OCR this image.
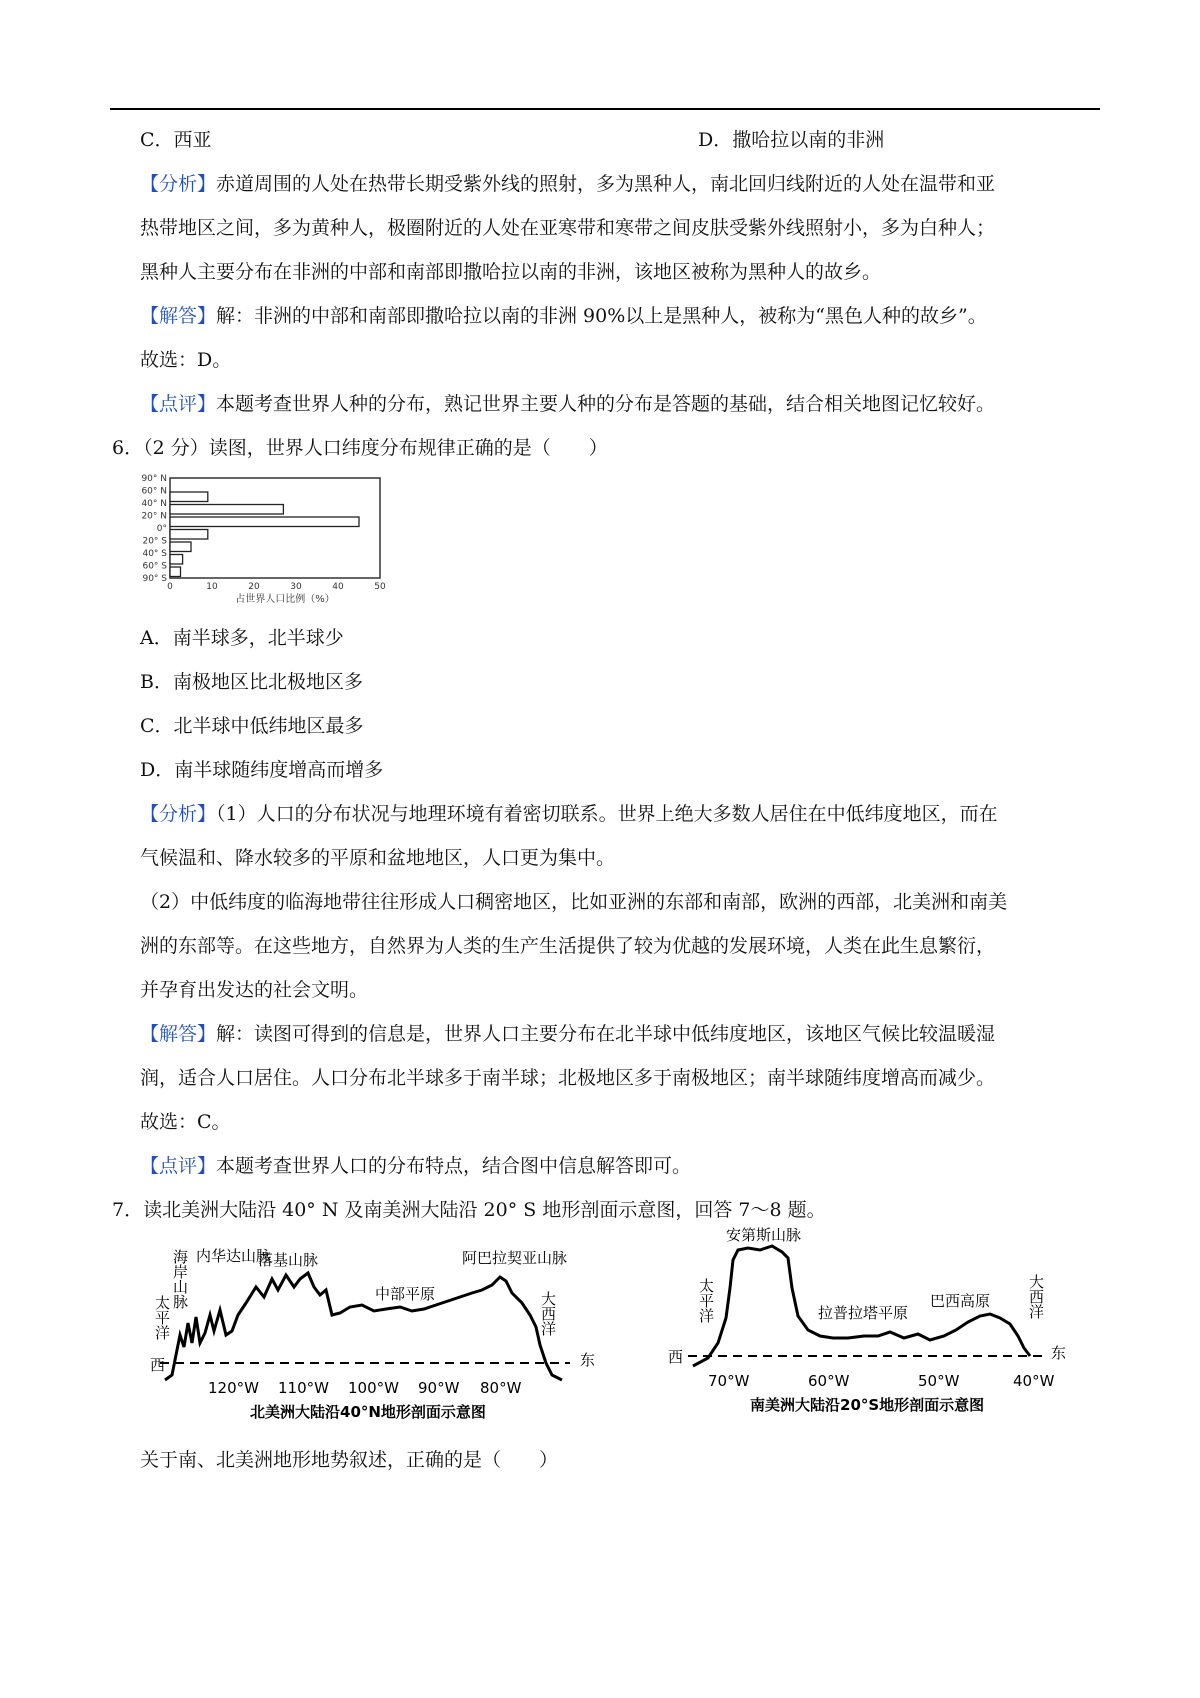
C．西亚	D．撒哈拉以南的非洲
【分析】赤道周围的人处在热带长期受紫外线的照射，多为黑种人，南北回归线附近的人处在温带和亚
热带地区之间，多为黄种人，极圈附近的人处在亚寒带和寒带之间皮肤受紫外线照射小，多为白种人；
黑种人主要分布在非洲的中部和南部即撒哈拉以南的非洲，该地区被称为黑种人的故乡。
【解答】解：非洲的中部和南部即撒哈拉以南的非洲 90%以上是黑种人，被称为“黑色人种的故乡”。
故选：D。
【点评】本题考查世界人种的分布，熟记世界主要人种的分布是答题的基础，结合相关地图记忆较好。
6．（2 分）读图，世界人口纬度分布规律正确的是（　　）
90° N
60° N
40° N
20° N
0°
20° S
40° S
60° S
90° S
0	10	20	30	40	50
占世界人口比例（%）
A．南半球多，北半球少
B．南极地区比北极地区多
C．北半球中低纬地区最多
D．南半球随纬度增高而增多
【分析】（1）人口的分布状况与地理环境有着密切联系。世界上绝大多数人居住在中低纬度地区，而在
气候温和、降水较多的平原和盆地地区，人口更为集中。
（2）中低纬度的临海地带往往形成人口稠密地区，比如亚洲的东部和南部，欧洲的西部，北美洲和南美
洲的东部等。在这些地方，自然界为人类的生产生活提供了较为优越的发展环境，人类在此生息繁衍，
并孕育出发达的社会文明。
【解答】解：读图可得到的信息是，世界人口主要分布在北半球中低纬度地区，该地区气候比较温暖湿
润，适合人口居住。人口分布北半球多于南半球；北极地区多于南极地区；南半球随纬度增高而减少。
故选：C。
【点评】本题考查世界人口的分布特点，结合图中信息解答即可。
7．读北美洲大陆沿 40° N 及南美洲大陆沿 20° S 地形剖面示意图，回答 7～8 题。
西	东
海岸山脉 内华达山脉
落基山脉
中部平原
阿巴拉契亚山脉
太平洋	大西洋
120°W 110°W 100°W 90°W 80°W
北美洲大陆沿40°N地形剖面示意图
西	东
安第斯山脉
太平洋	拉普拉塔平原
巴西高原 大西洋
70°W	60°W	50°W	40°W
南美洲大陆沿20°S地形剖面示意图
关于南、北美洲地形地势叙述，正确的是（　　）
